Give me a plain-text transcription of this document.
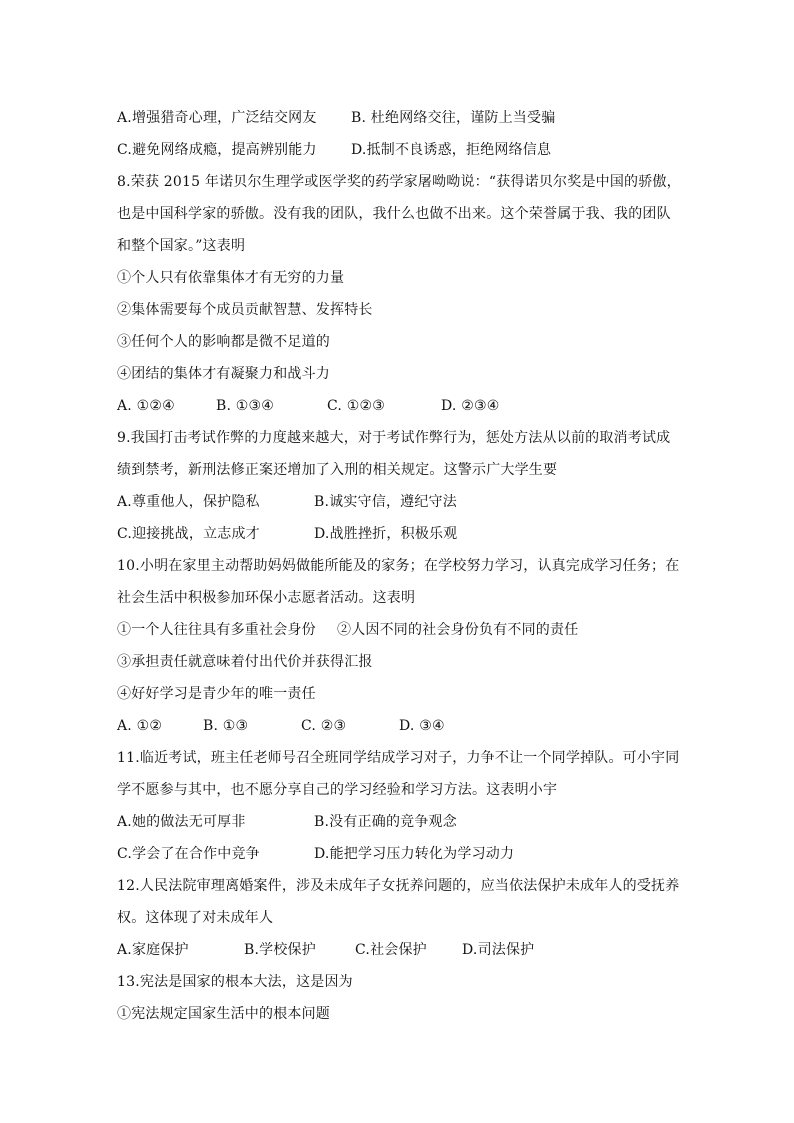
A.增强猎奇心理，广泛结交网友 B. 杜绝网络交往，谨防上当受骗
C.避免网络成瘾，提高辨别能力 D.抵制不良诱惑，拒绝网络信息
8.荣获 2015 年诺贝尔生理学或医学奖的药学家屠呦呦说：“获得诺贝尔奖是中国的骄傲，
也是中国科学家的骄傲。没有我的团队，我什么也做不出来。这个荣誉属于我、我的团队
和整个国家。”这表明
①个人只有依靠集体才有无穷的力量
②集体需要每个成员贡献智慧、发挥特长
③任何个人的影响都是微不足道的
④团结的集体才有凝聚力和战斗力
A. ①②④	B. ①③④	C. ①②③	D. ②③④
9.我国打击考试作弊的力度越来越大，对于考试作弊行为，惩处方法从以前的取消考试成
绩到禁考，新刑法修正案还增加了入刑的相关规定。这警示广大学生要
A.尊重他人，保护隐私	B.诚实守信，遵纪守法
C.迎接挑战，立志成才	D.战胜挫折，积极乐观
10.小明在家里主动帮助妈妈做能所能及的家务；在学校努力学习，认真完成学习任务；在
社会生活中积极参加环保小志愿者活动。这表明
①一个人往往具有多重社会身份 ②人因不同的社会身份负有不同的责任
③承担责任就意味着付出代价并获得汇报
④好好学习是青少年的唯一责任
A. ①②	B. ①③	C. ②③	D. ③④
11.临近考试，班主任老师号召全班同学结成学习对子，力争不让一个同学掉队。可小宇同
学不愿参与其中，也不愿分享自己的学习经验和学习方法。这表明小宇
A.她的做法无可厚非	B.没有正确的竞争观念
C.学会了在合作中竞争	D.能把学习压力转化为学习动力
12.人民法院审理离婚案件，涉及未成年子女抚养问题的，应当依法保护未成年人的受抚养
权。这体现了对未成年人
A.家庭保护	B.学校保护	C.社会保护	D.司法保护
13.宪法是国家的根本大法，这是因为
①宪法规定国家生活中的根本问题
